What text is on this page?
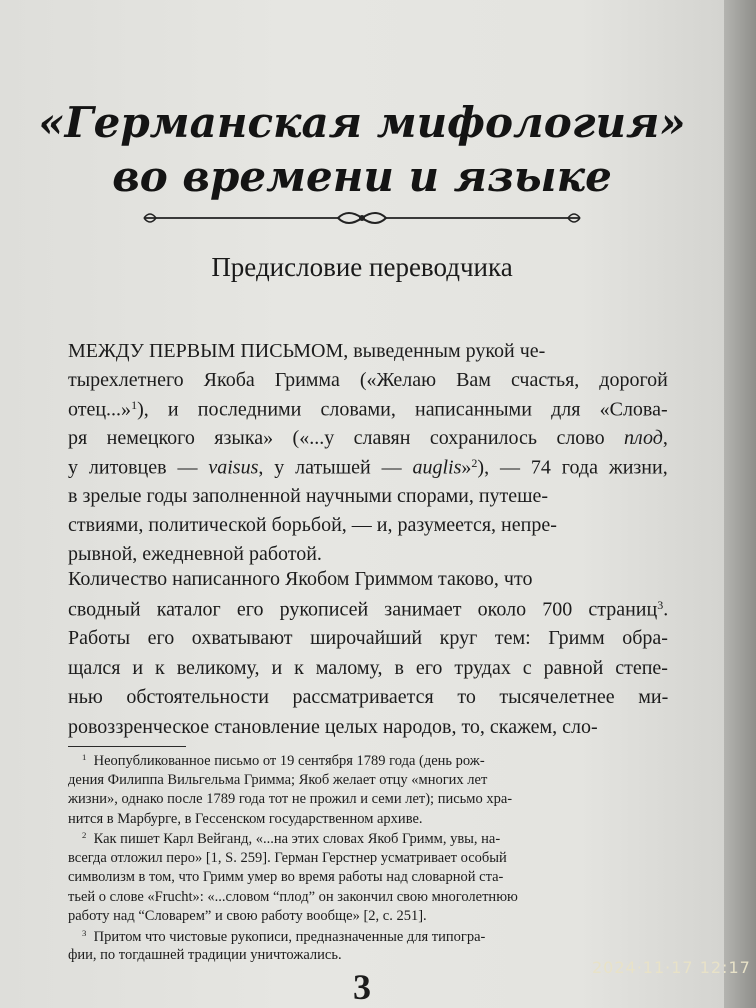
«Германская мифология»
во времени и языке
Предисловие переводчика
МЕЖДУ ПЕРВЫМ ПИСЬМОМ, выведенным рукой че-
тырехлетнего Якоба Гримма («Желаю Вам счастья, дорогой
отец...»$^1$), и последними словами, написанными для «Слова-
ря немецкого языка» («...у славян сохранилось слово плод,
у литовцев — vaisus, у латышей — auglis»$^2$), — 74 года жизни,
в зрелые годы заполненной научными спорами, путеше-
ствиями, политической борьбой, — и, разумеется, непре-
рывной, ежедневной работой.
Количество написанного Якобом Гриммом таково, что
сводный каталог его рукописей занимает около 700 страниц$^3$.
Работы его охватывают широчайший круг тем: Гримм обра-
щался и к великому, и к малому, в его трудах с равной степе-
нью обстоятельности рассматривается то тысячелетнее ми-
ровоззренческое становление целых народов, то, скажем, сло-
$^1$ Неопубликованное письмо от 19 сентября 1789 года (день рож-
дения Филиппа Вильгельма Гримма; Якоб желает отцу «многих лет
жизни», однако после 1789 года тот не прожил и семи лет); письмо хра-
нится в Марбурге, в Гессенском государственном архиве.
$^2$ Как пишет Карл Вейганд, «...на этих словах Якоб Гримм, увы, на-
всегда отложил перо» [1, S. 259]. Герман Герстнер усматривает особый
символизм в том, что Гримм умер во время работы над словарной ста-
тьей о слове «Frucht»: «...словом “плод” он закончил свою многолетнюю
работу над “Словарем” и свою работу вообще» [2, с. 251].
$^3$ Притом что чистовые рукописи, предназначенные для типогра-
фии, по тогдашней традиции уничтожались.
3	2024·11·17 12:17
